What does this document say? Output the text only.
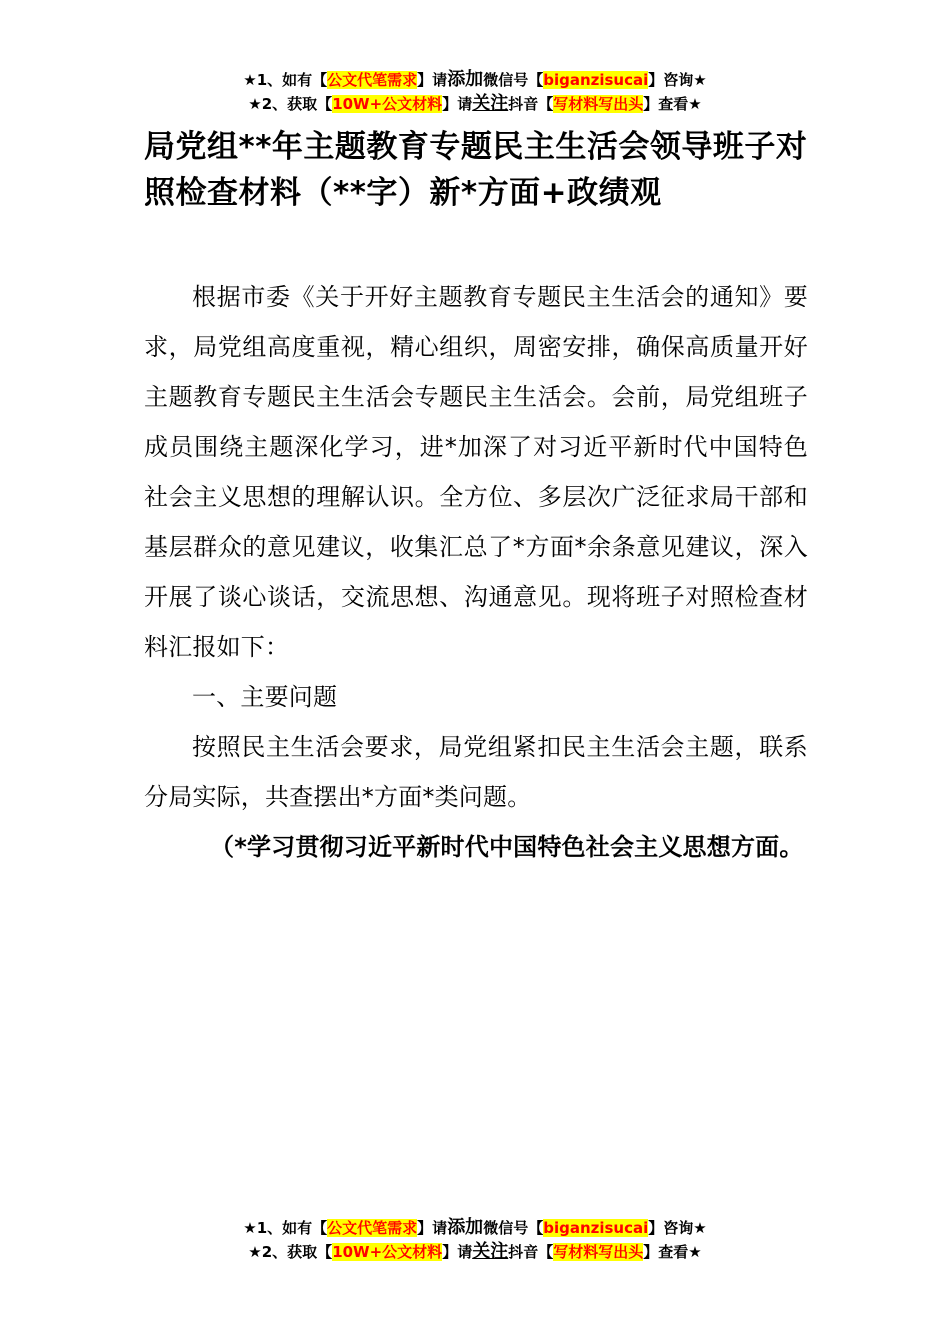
★1、如有【公文代笔需求】请添加微信号【biganzisucai】咨询★
★2、获取【10W+公文材料】请关注抖音【写材料写出头】查看★
局党组**年主题教育专题民主生活会领导班子对照检查材料（**字）新*方面+政绩观

根据市委《关于开好主题教育专题民主生活会的通知》要求，局党组高度重视，精心组织，周密安排，确保高质量开好主题教育专题民主生活会专题民主生活会。会前，局党组班子成员围绕主题深化学习，进*加深了对习近平新时代中国特色社会主义思想的理解认识。全方位、多层次广泛征求局干部和基层群众的意见建议，收集汇总了*方面*余条意见建议，深入开展了谈心谈话，交流思想、沟通意见。现将班子对照检查材料汇报如下：

一、主要问题

按照民主生活会要求，局党组紧扣民主生活会主题，联系分局实际，共查摆出*方面*类问题。

（*学习贯彻习近平新时代中国特色社会主义思想方面。

★1、如有【公文代笔需求】请添加微信号【biganzisucai】咨询★
★2、获取【10W+公文材料】请关注抖音【写材料写出头】查看★
